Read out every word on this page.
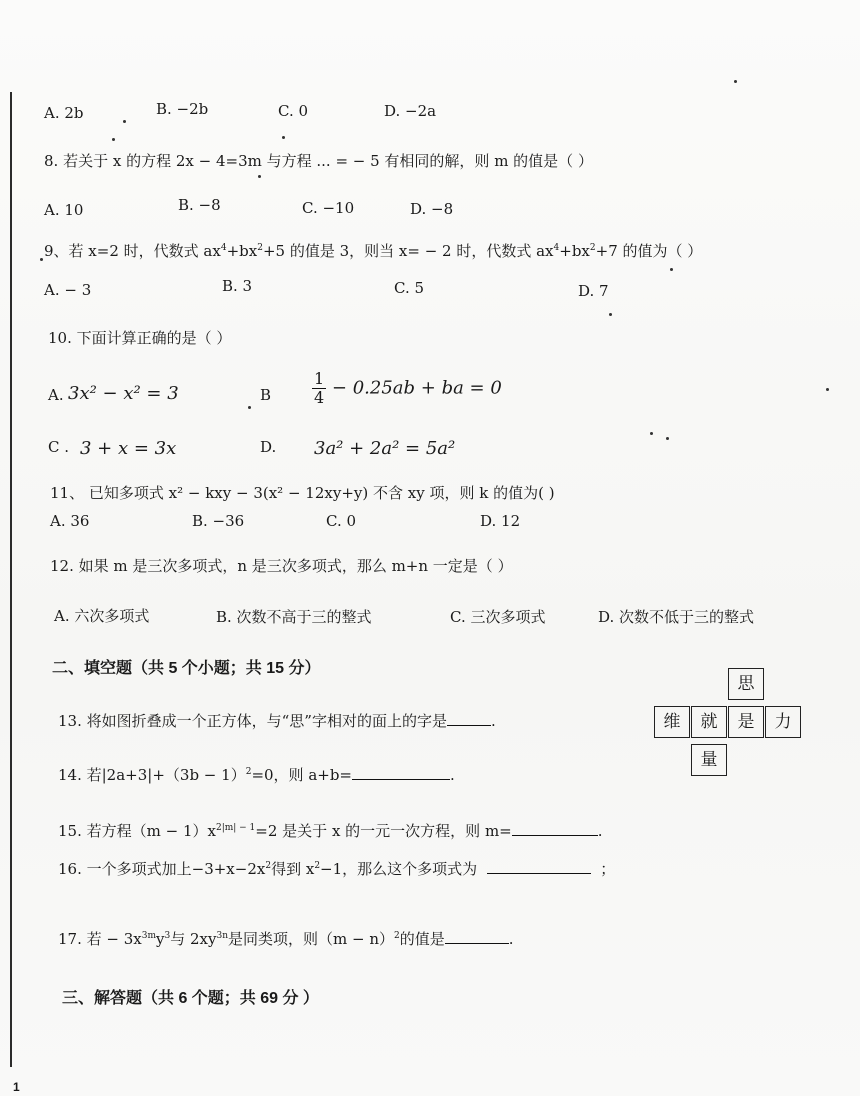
A. 2b	B. −2b	C. 0	D. −2a
8. 若关于 x 的方程 2x − 4=3m 与方程 ... = − 5 有相同的解，则 m 的值是（ ）
A. 10	B. −8	C. −10	D. −8
9、若 x=2 时，代数式 $ax^4+bx^2+5$ 的值是 3，则当 x= − 2 时，代数式 $ax^4+bx^2+7$ 的值为（ ）
A. − 3	B. 3	C. 5	D. 7
10. 下面计算正确的是（ ）
A. 3x² − x² = 3	B	$\frac{1}{4} - 0.25ab$ + ba = 0
C . 3 + x = 3x	D. 3a² + 2a² = 5a²
11、 已知多项式 x² − kxy − 3(x² − 12xy+y) 不含 xy 项，则 k 的值为( )
A. 36	B. −36	C. 0	D. 12
12. 如果 m 是三次多项式，n 是三次多项式，那么 m+n 一定是（ ）
A. 六次多项式	B. 次数不高于三的整式	C. 三次多项式	D. 次数不低于三的整式
二、填空题（共 5 个小题；共 15 分）
13. 将如图折叠成一个正方体，与“思”字相对的面上的字是	.
思
维	就	是	力
量
14. 若$|2a+3|+(3b - 1)^2=0$，则 a+b=	.
15. 若方程$(m - 1)x^{2|m| - 1}=2$ 是关于 x 的一元一次方程，则 m=	.
16. 一个多项式加上$-3+x-2x^2$得到 $x^2-1$，那么这个多项式为	；
17. 若 − $3x^{3m}y^3$与 $2xy^{3n}$是同类项，则$(m - n)^2$的值是	.
三、解答题（共 6 个题；共 69 分 ）
1
